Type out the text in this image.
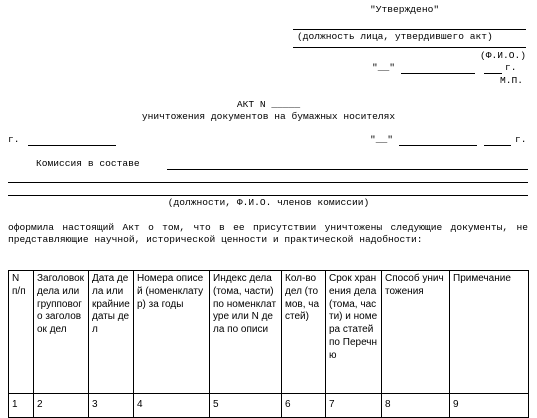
"Утверждено"
(должность лица, утвердившего акт)
(Ф.И.О.)
"__"	г.
М.П.
АКТ N _____
уничтожения документов на бумажных носителях
г.	"__"	г.
Комиссия в составе
(должности, Ф.И.О. членов комиссии)
оформила настоящий Акт о том, что в ее присутствии уничтожены следующие документы, не представляющие научной, исторической ценности и практической надобности:
N п/п	Заголовок дела или группового заголовок дел	Дата дела или крайние даты дел	Номера описей (номенклатур) за годы	Индекс дела (тома, части) по номенклатуре или N дела по описи	Кол-во дел (томов, частей)	Срок хранения дела (тома, части) и номера статей по Перечню	Способ уничтожения	Примечание
1	2	3	4	5	6	7	8	9
